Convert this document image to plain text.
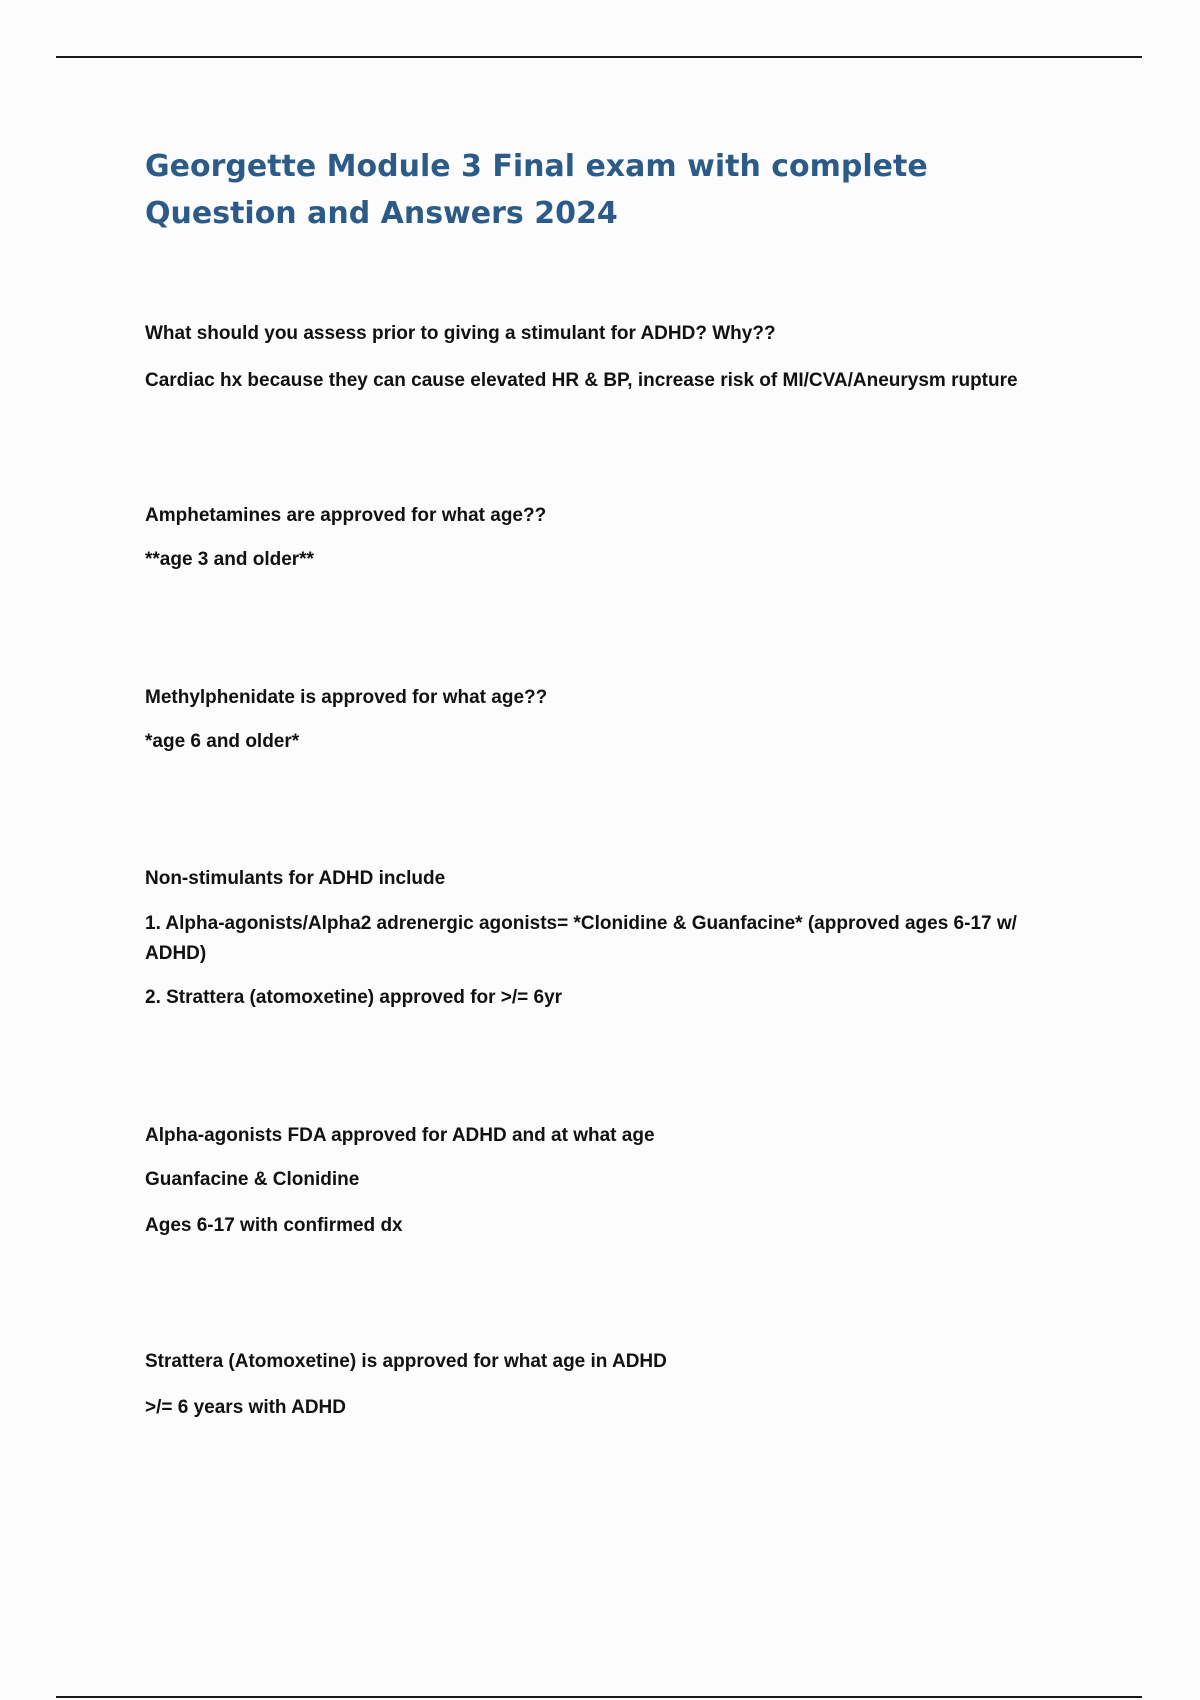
Georgette Module 3 Final exam with complete Question and Answers 2024

What should you assess prior to giving a stimulant for ADHD? Why??

Cardiac hx because they can cause elevated HR & BP, increase risk of MI/CVA/Aneurysm rupture

Amphetamines are approved for what age??

**age 3 and older**

Methylphenidate is approved for what age??

*age 6 and older*

Non-stimulants for ADHD include

1. Alpha-agonists/Alpha2 adrenergic agonists= *Clonidine & Guanfacine* (approved ages 6-17 w/ ADHD)

2. Strattera (atomoxetine) approved for >/= 6yr

Alpha-agonists FDA approved for ADHD and at what age

Guanfacine & Clonidine

Ages 6-17 with confirmed dx

Strattera (Atomoxetine) is approved for what age in ADHD

>/= 6 years with ADHD
